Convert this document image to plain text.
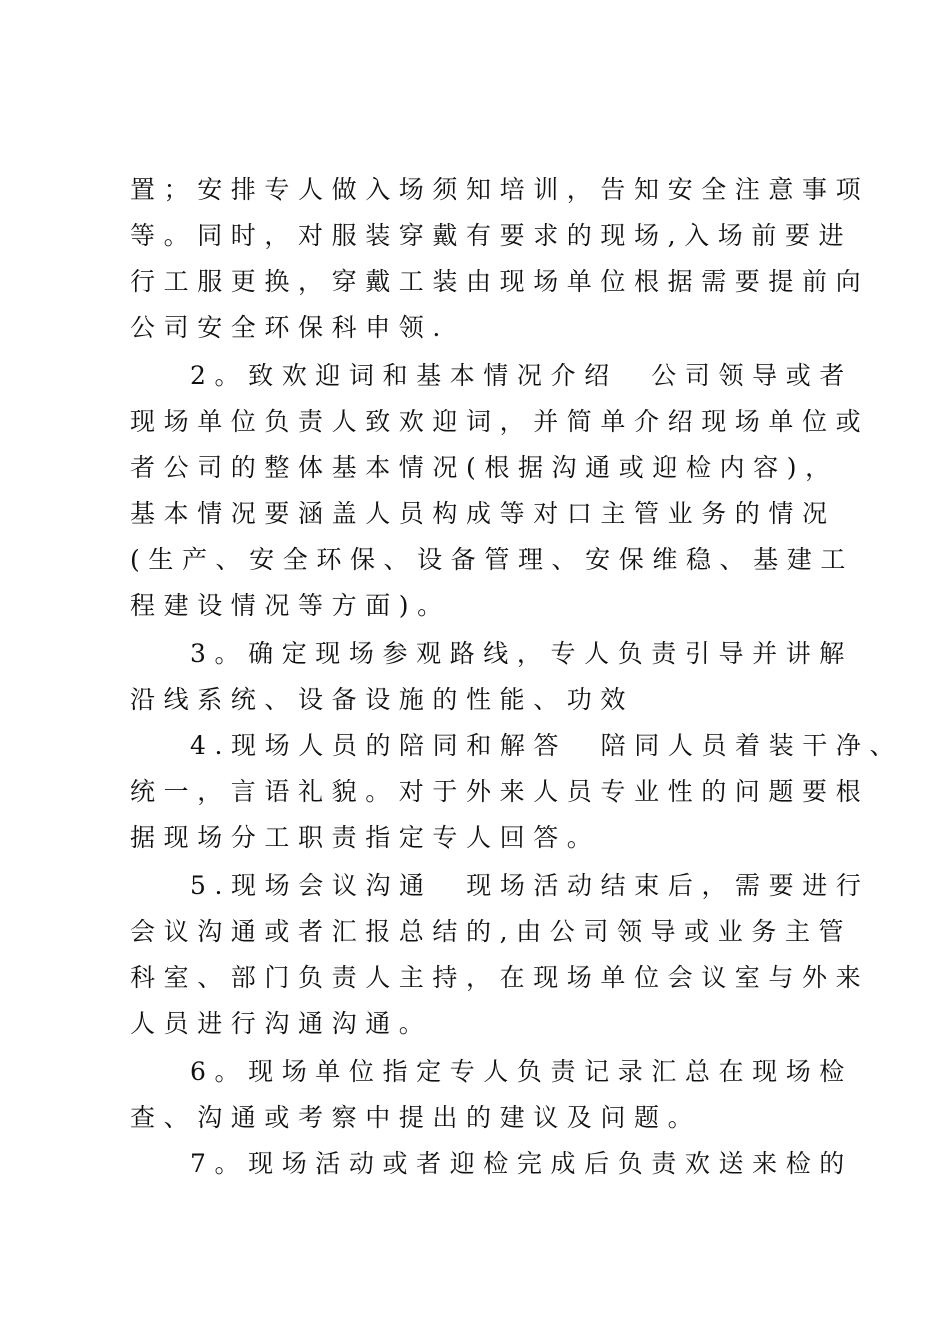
置；安排专人做入场须知培训，告知安全注意事项
等。同时，对服装穿戴有要求的现场,入场前要进
行工服更换，穿戴工装由现场单位根据需要提前向
公司安全环保科申领.
2。致欢迎词和基本情况介绍　公司领导或者
现场单位负责人致欢迎词，并简单介绍现场单位或
者公司的整体基本情况(根据沟通或迎检内容)，
基本情况要涵盖人员构成等对口主管业务的情况
(生产、安全环保、设备管理、安保维稳、基建工
程建设情况等方面)。
3。确定现场参观路线，专人负责引导并讲解
沿线系统、设备设施的性能、功效
4.现场人员的陪同和解答　陪同人员着装干净、
统一，言语礼貌。对于外来人员专业性的问题要根
据现场分工职责指定专人回答。
5.现场会议沟通　现场活动结束后，需要进行
会议沟通或者汇报总结的,由公司领导或业务主管
科室、部门负责人主持，在现场单位会议室与外来
人员进行沟通沟通。
6。现场单位指定专人负责记录汇总在现场检
查、沟通或考察中提出的建议及问题。
7。现场活动或者迎检完成后负责欢送来检的
